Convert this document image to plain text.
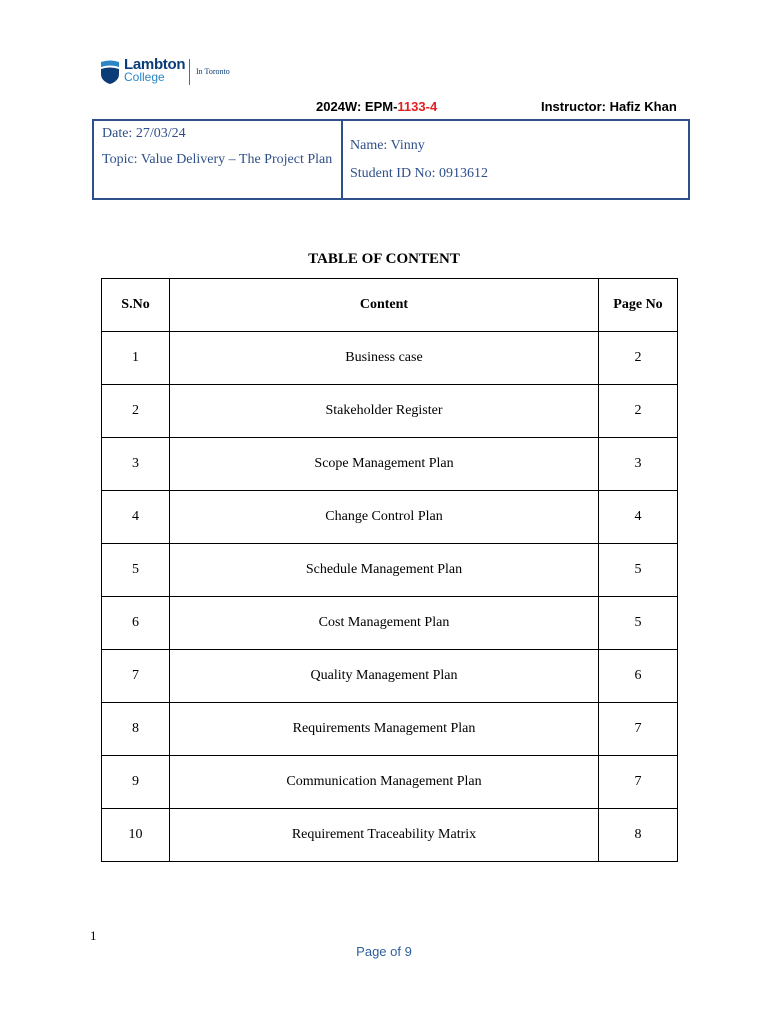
Lambton
College	In Toronto
2024W: EPM-1133-4	Instructor: Hafiz Khan
Date: 27/03/24
Topic: Value Delivery – The Project Plan
Name: Vinny
Student ID No: 0913612
TABLE OF CONTENT
S.No	Content	Page No
1	Business case	2
2	Stakeholder Register	2
3	Scope Management Plan	3
4	Change Control Plan	4
5	Schedule Management Plan	5
6	Cost Management Plan	5
7	Quality Management Plan	6
8	Requirements Management Plan	7
9	Communication Management Plan	7
10	Requirement Traceability Matrix	8
1
Page of 9
